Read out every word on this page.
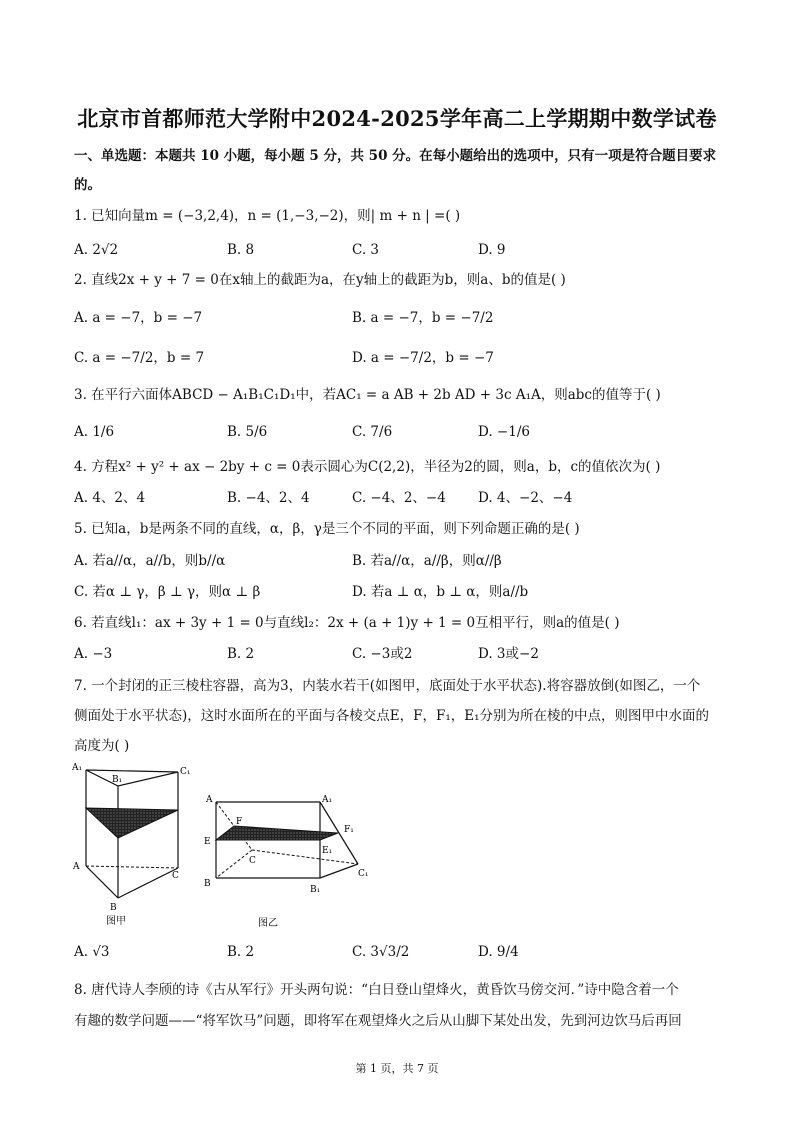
北京市首都师范大学附中2024-2025学年高二上学期期中数学试卷
一、单选题：本题共 10 小题，每小题 5 分，共 50 分。在每小题给出的选项中，只有一项是符合题目要求
的。
1. 已知向量m = (−3,2,4)，n = (1,−3,−2)，则| m + n | =( )
A. 2√2	B. 8	C. 3	D. 9
2. 直线2x + y + 7 = 0在x轴上的截距为a，在y轴上的截距为b，则a、b的值是( )
A. a = −7，b = −7	B. a = −7，b = −7/2
C. a = −7/2，b = 7	D. a = −7/2，b = −7
3. 在平行六面体ABCD − A₁B₁C₁D₁中，若AC₁ = a AB + 2b AD + 3c A₁A，则abc的值等于( )
A. 1/6	B. 5/6	C. 7/6	D. −1/6
4. 方程x² + y² + ax − 2by + c = 0表示圆心为C(2,2)，半径为2的圆，则a，b，c的值依次为( )
A. 4、2、4	B. −4、2、4	C. −4、2、−4 D. 4、−2、−4
5. 已知a，b是两条不同的直线，α，β，γ是三个不同的平面，则下列命题正确的是( )
A. 若a//α，a//b，则b//α	B. 若a//α，a//β，则α//β
C. 若α ⊥ γ，β ⊥ γ，则α ⊥ β	D. 若a ⊥ α，b ⊥ α，则a//b
6. 若直线l₁：ax + 3y + 1 = 0与直线l₂：2x + (a + 1)y + 1 = 0互相平行，则a的值是( )
A. −3	B. 2	C. −3或2	D. 3或−2
7. 一个封闭的正三棱柱容器，高为3，内装水若干(如图甲，底面处于水平状态).将容器放倒(如图乙，一个
侧面处于水平状态)，这时水面所在的平面与各棱交点E，F，F₁，E₁分别为所在棱的中点，则图甲中水面的
高度为( )
A₁
B₁
C₁
A
B
C
图甲
A	A₁
F
F₁
E
E₁
C
C₁
B
B₁
图乙
A. √3	B. 2	C. 3√3/2	D. 9/4
8. 唐代诗人李颀的诗《古从军行》开头两句说：“白日登山望烽火，黄昏饮马傍交河．”诗中隐含着一个
有趣的数学问题——“将军饮马”问题，即将军在观望烽火之后从山脚下某处出发，先到河边饮马后再回
第 1 页，共 7 页
